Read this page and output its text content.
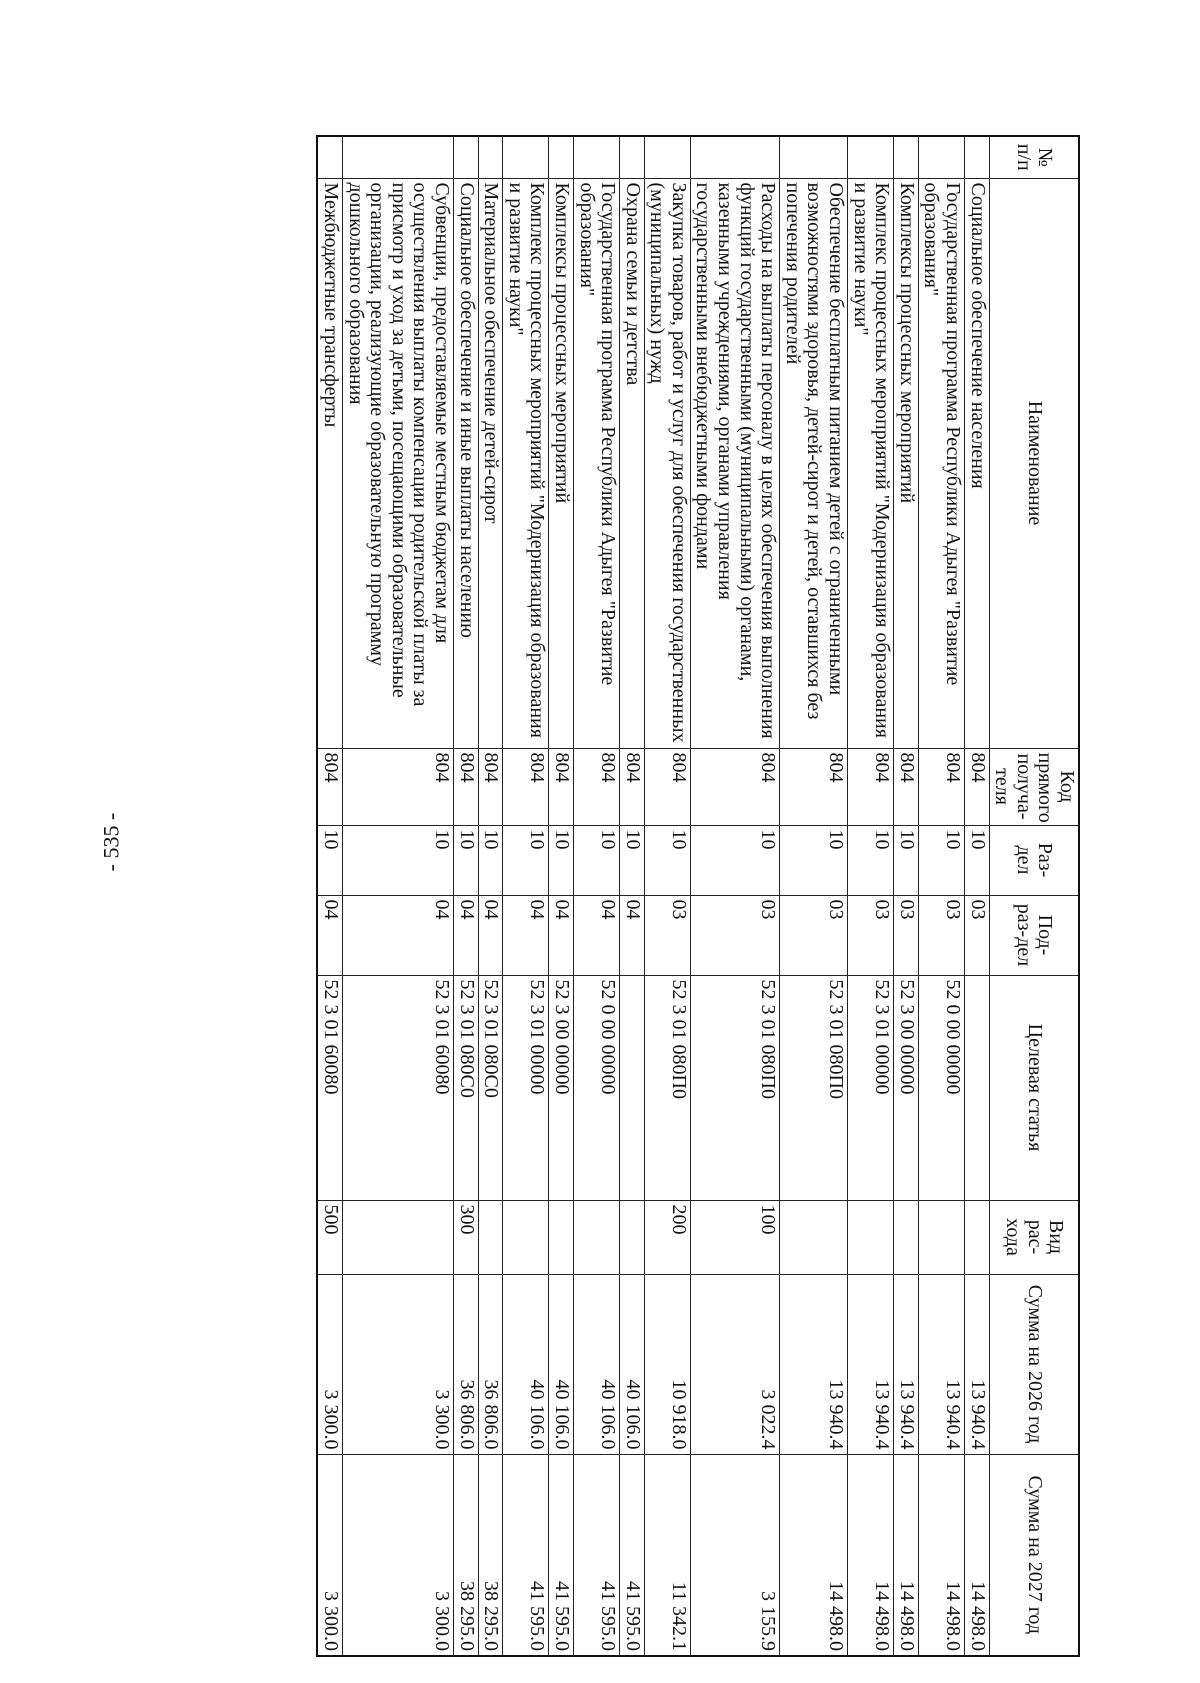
- 535 -
№ п/п	Наименование	Код прямого получа-теля	Раз-дел	Под-раз-дел	Целевая статья	Вид рас-хода	Сумма на 2026 год	Сумма на 2027 год
	Социальное обеспечение населения	804	10	03			13 940.4	14 498.0
	Государственная программа Республики Адыгея "Развитие образования"	804	10	03	52 0 00 00000		13 940.4	14 498.0
	Комплексы процессных мероприятий	804	10	03	52 3 00 00000		13 940.4	14 498.0
	Комплекс процессных мероприятий "Модернизация образования и развитие науки"	804	10	03	52 3 01 00000		13 940.4	14 498.0
	Обеспечение бесплатным питанием детей с ограниченными возможностями здоровья, детей-сирот и детей, оставшихся без попечения родителей	804	10	03	52 3 01 080П0		13 940.4	14 498.0
	Расходы на выплаты персоналу в целях обеспечения выполнения функций государственными (муниципальными) органами, казенными учреждениями, органами управления государственными внебюджетными фондами	804	10	03	52 3 01 080П0	100	3 022.4	3 155.9
	Закупка товаров, работ и услуг для обеспечения государственных (муниципальных) нужд	804	10	03	52 3 01 080П0	200	10 918.0	11 342.1
	Охрана семьи и детства	804	10	04			40 106.0	41 595.0
	Государственная программа Республики Адыгея "Развитие образования"	804	10	04	52 0 00 00000		40 106.0	41 595.0
	Комплексы процессных мероприятий	804	10	04	52 3 00 00000		40 106.0	41 595.0
	Комплекс процессных мероприятий "Модернизация образования и развитие науки"	804	10	04	52 3 01 00000		40 106.0	41 595.0
	Материальное обеспечение детей-сирот	804	10	04	52 3 01 080С0		36 806.0	38 295.0
	Социальное обеспечение и иные выплаты населению	804	10	04	52 3 01 080С0	300	36 806.0	38 295.0
	Субвенции, предоставляемые местным бюджетам для осуществления выплаты компенсации родительской платы за присмотр и уход за детьми, посещающими образовательные организации, реализующие образовательную программу дошкольного образования	804	10	04	52 3 01 60080		3 300.0	3 300.0
	Межбюджетные трансферты	804	10	04	52 3 01 60080	500	3 300.0	3 300.0
